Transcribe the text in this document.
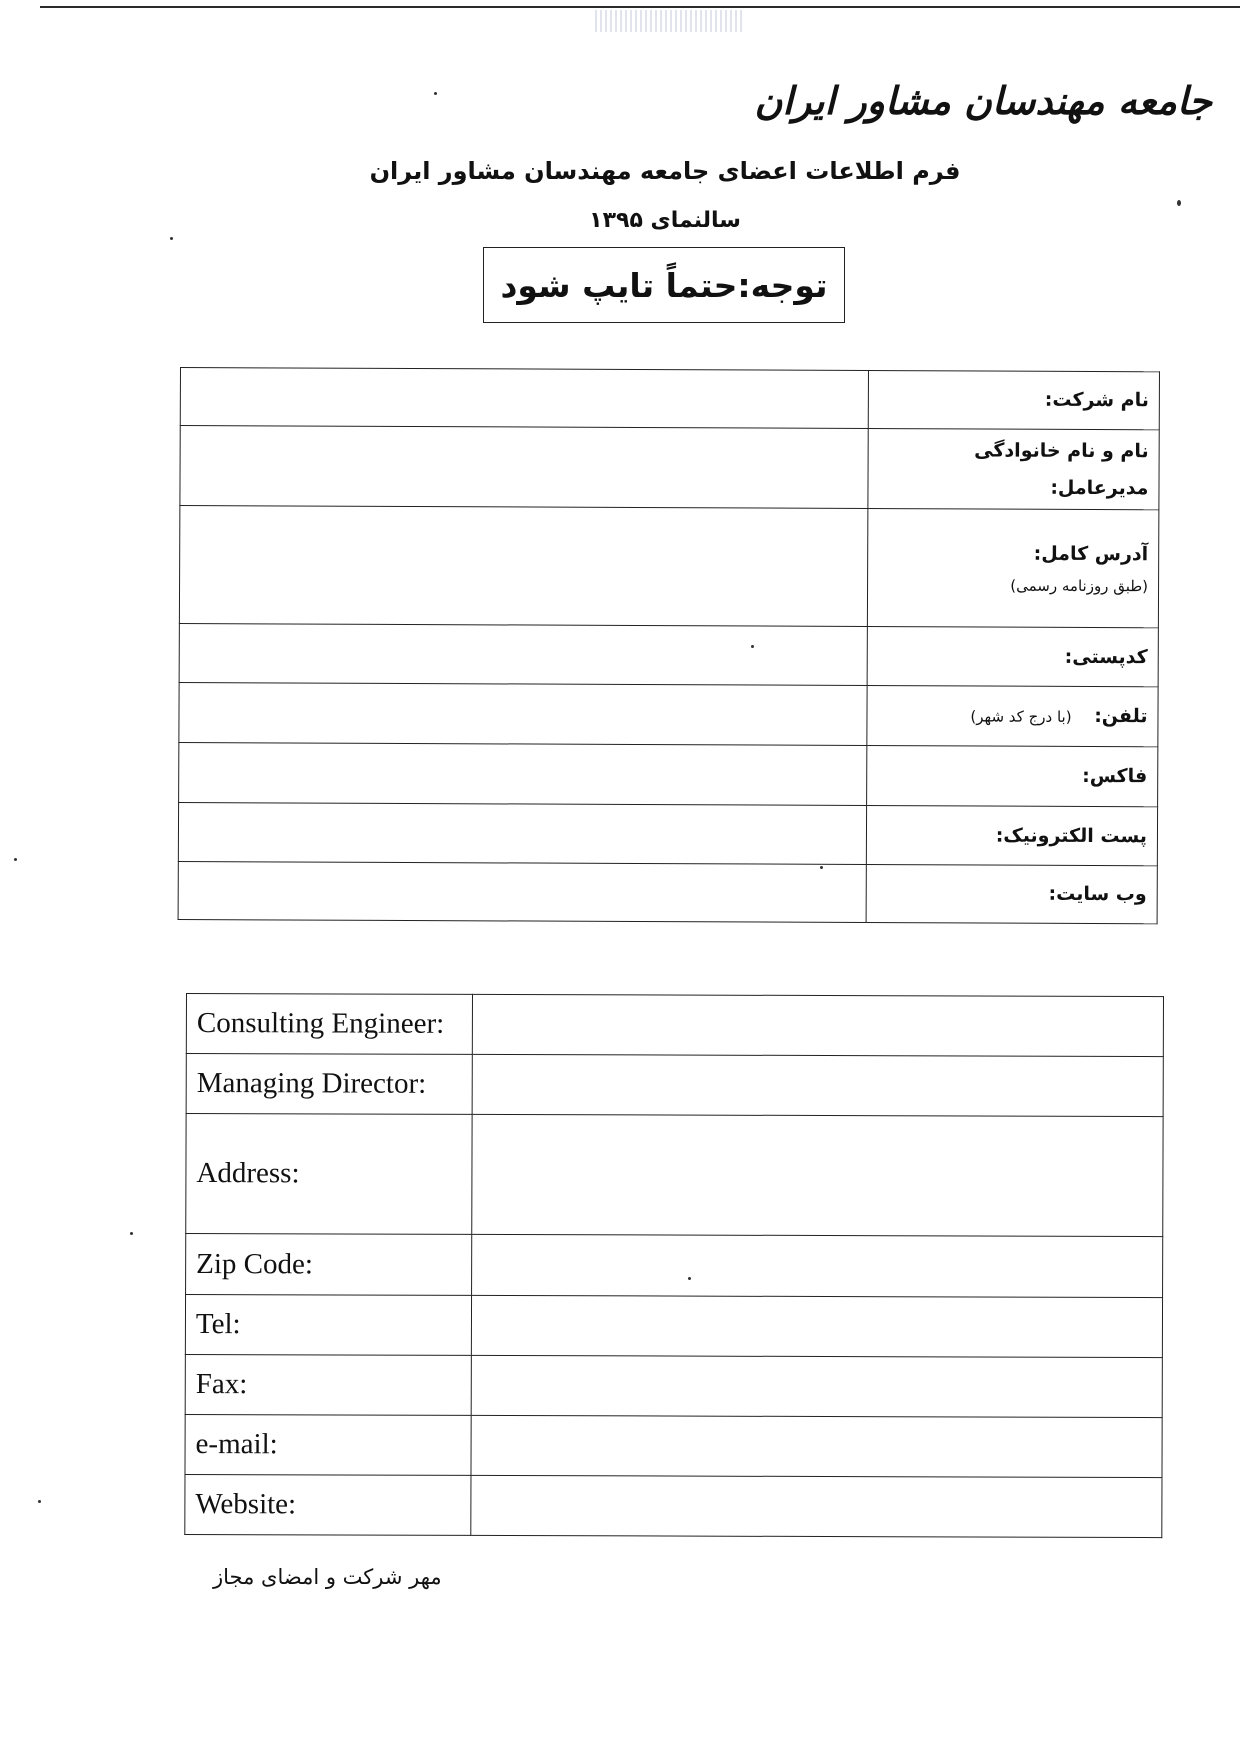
جامعه مهندسان مشاور ایران
فرم اطلاعات اعضای جامعه مهندسان مشاور ایران
سالنمای ۱۳۹۵
توجه:حتماً تایپ شود
	نام شرکت:
	نام و نام خانوادگی
مدیرعامل:
	آدرس کامل:
(طبق روزنامه رسمی)

	کدپستی:
	تلفن: (با درج کد شهر)
	فاکس:
	پست الکترونیک:
	وب سایت:
Consulting Engineer:	
Managing Director:	
Address:	
Zip Code:	
Tel:	
Fax:	
e-mail:	
Website:	
مهر شرکت و امضای مجاز
